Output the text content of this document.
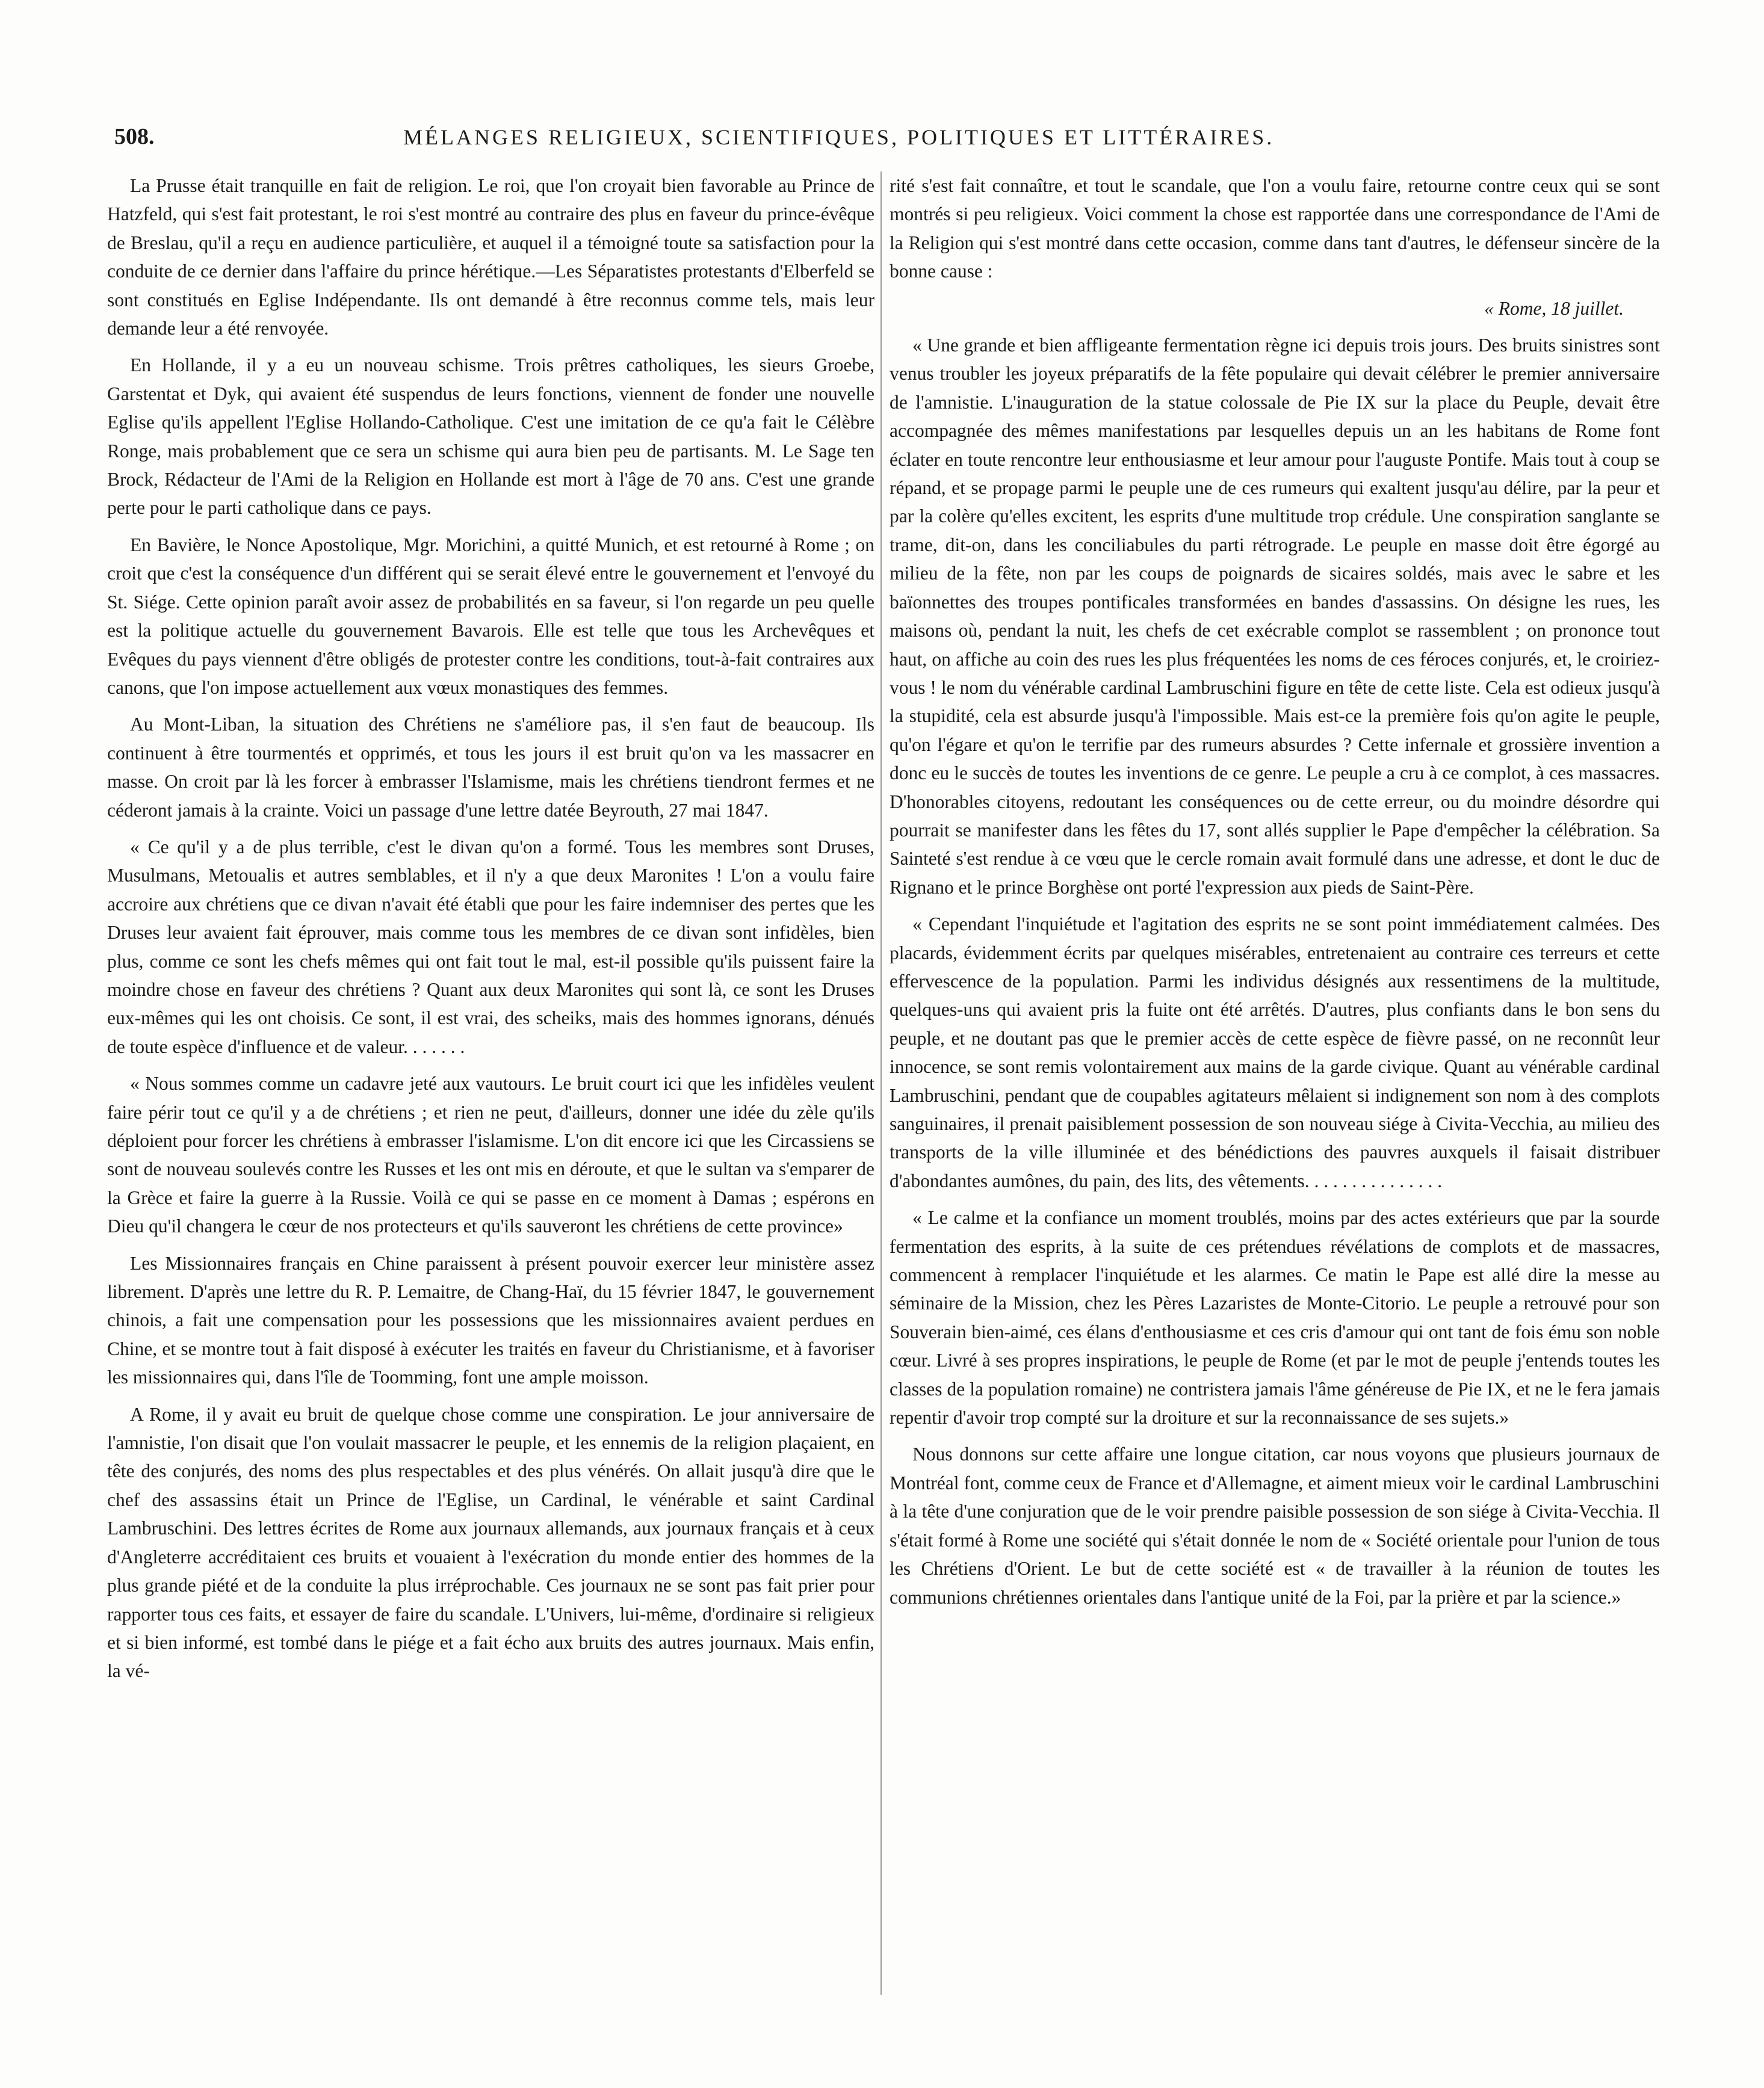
508.	MÉLANGES RELIGIEUX, SCIENTIFIQUES, POLITIQUES ET LITTÉRAIRES.

La Prusse était tranquille en fait de religion. Le roi, que l'on croyait bien favorable au Prince de Hatzfeld, qui s'est fait protestant, le roi s'est montré au contraire des plus en faveur du prince-évêque de Breslau, qu'il a reçu en audience particulière, et auquel il a témoigné toute sa satisfaction pour la conduite de ce dernier dans l'affaire du prince hérétique.—Les Séparatistes protestants d'Elberfeld se sont constitués en Eglise Indépendante. Ils ont demandé à être reconnus comme tels, mais leur demande leur a été renvoyée.

En Hollande, il y a eu un nouveau schisme. Trois prêtres catholiques, les sieurs Groebe, Garstentat et Dyk, qui avaient été suspendus de leurs fonctions, viennent de fonder une nouvelle Eglise qu'ils appellent l'Eglise Hollando-Catholique. C'est une imitation de ce qu'a fait le Célèbre Ronge, mais probablement que ce sera un schisme qui aura bien peu de partisants. M. Le Sage ten Brock, Rédacteur de l'Ami de la Religion en Hollande est mort à l'âge de 70 ans. C'est une grande perte pour le parti catholique dans ce pays.

En Bavière, le Nonce Apostolique, Mgr. Morichini, a quitté Munich, et est retourné à Rome ; on croit que c'est la conséquence d'un différent qui se serait élevé entre le gouvernement et l'envoyé du St. Siége. Cette opinion paraît avoir assez de probabilités en sa faveur, si l'on regarde un peu quelle est la politique actuelle du gouvernement Bavarois. Elle est telle que tous les Archevêques et Evêques du pays viennent d'être obligés de protester contre les conditions, tout-à-fait contraires aux canons, que l'on impose actuellement aux vœux monastiques des femmes.

Au Mont-Liban, la situation des Chrétiens ne s'améliore pas, il s'en faut de beaucoup. Ils continuent à être tourmentés et opprimés, et tous les jours il est bruit qu'on va les massacrer en masse. On croit par là les forcer à embrasser l'Islamisme, mais les chrétiens tiendront fermes et ne céderont jamais à la crainte. Voici un passage d'une lettre datée Beyrouth, 27 mai 1847.

« Ce qu'il y a de plus terrible, c'est le divan qu'on a formé. Tous les membres sont Druses, Musulmans, Metoualis et autres semblables, et il n'y a que deux Maronites ! L'on a voulu faire accroire aux chrétiens que ce divan n'avait été établi que pour les faire indemniser des pertes que les Druses leur avaient fait éprouver, mais comme tous les membres de ce divan sont infidèles, bien plus, comme ce sont les chefs mêmes qui ont fait tout le mal, est-il possible qu'ils puissent faire la moindre chose en faveur des chrétiens ? Quant aux deux Maronites qui sont là, ce sont les Druses eux-mêmes qui les ont choisis. Ce sont, il est vrai, des scheiks, mais des hommes ignorans, dénués de toute espèce d'influence et de valeur. . . . . . .

« Nous sommes comme un cadavre jeté aux vautours. Le bruit court ici que les infidèles veulent faire périr tout ce qu'il y a de chrétiens ; et rien ne peut, d'ailleurs, donner une idée du zèle qu'ils déploient pour forcer les chrétiens à embrasser l'islamisme. L'on dit encore ici que les Circassiens se sont de nouveau soulevés contre les Russes et les ont mis en déroute, et que le sultan va s'emparer de la Grèce et faire la guerre à la Russie. Voilà ce qui se passe en ce moment à Damas ; espérons en Dieu qu'il changera le cœur de nos protecteurs et qu'ils sauveront les chrétiens de cette province»

Les Missionnaires français en Chine paraissent à présent pouvoir exercer leur ministère assez librement. D'après une lettre du R. P. Lemaitre, de Chang-Haï, du 15 février 1847, le gouvernement chinois, a fait une compensation pour les possessions que les missionnaires avaient perdues en Chine, et se montre tout à fait disposé à exécuter les traités en faveur du Christianisme, et à favoriser les missionnaires qui, dans l'île de Toomming, font une ample moisson.

A Rome, il y avait eu bruit de quelque chose comme une conspiration. Le jour anniversaire de l'amnistie, l'on disait que l'on voulait massacrer le peuple, et les ennemis de la religion plaçaient, en tête des conjurés, des noms des plus respectables et des plus vénérés. On allait jusqu'à dire que le chef des assassins était un Prince de l'Eglise, un Cardinal, le vénérable et saint Cardinal Lambruschini. Des lettres écrites de Rome aux journaux allemands, aux journaux français et à ceux d'Angleterre accréditaient ces bruits et vouaient à l'exécration du monde entier des hommes de la plus grande piété et de la conduite la plus irréprochable. Ces journaux ne se sont pas fait prier pour rapporter tous ces faits, et essayer de faire du scandale. L'Univers, lui-même, d'ordinaire si religieux et si bien informé, est tombé dans le piége et a fait écho aux bruits des autres journaux. Mais enfin, la vé-

rité s'est fait connaître, et tout le scandale, que l'on a voulu faire, retourne contre ceux qui se sont montrés si peu religieux. Voici comment la chose est rapportée dans une correspondance de l'Ami de la Religion qui s'est montré dans cette occasion, comme dans tant d'autres, le défenseur sincère de la bonne cause :

« Rome, 18 juillet.

« Une grande et bien affligeante fermentation règne ici depuis trois jours. Des bruits sinistres sont venus troubler les joyeux préparatifs de la fête populaire qui devait célébrer le premier anniversaire de l'amnistie. L'inauguration de la statue colossale de Pie IX sur la place du Peuple, devait être accompagnée des mêmes manifestations par lesquelles depuis un an les habitans de Rome font éclater en toute rencontre leur enthousiasme et leur amour pour l'auguste Pontife. Mais tout à coup se répand, et se propage parmi le peuple une de ces rumeurs qui exaltent jusqu'au délire, par la peur et par la colère qu'elles excitent, les esprits d'une multitude trop crédule. Une conspiration sanglante se trame, dit-on, dans les conciliabules du parti rétrograde. Le peuple en masse doit être égorgé au milieu de la fête, non par les coups de poignards de sicaires soldés, mais avec le sabre et les baïonnettes des troupes pontificales transformées en bandes d'assassins. On désigne les rues, les maisons où, pendant la nuit, les chefs de cet exécrable complot se rassemblent ; on prononce tout haut, on affiche au coin des rues les plus fréquentées les noms de ces féroces conjurés, et, le croiriez-vous ! le nom du vénérable cardinal Lambruschini figure en tête de cette liste. Cela est odieux jusqu'à la stupidité, cela est absurde jusqu'à l'impossible. Mais est-ce la première fois qu'on agite le peuple, qu'on l'égare et qu'on le terrifie par des rumeurs absurdes ? Cette infernale et grossière invention a donc eu le succès de toutes les inventions de ce genre. Le peuple a cru à ce complot, à ces massacres. D'honorables citoyens, redoutant les conséquences ou de cette erreur, ou du moindre désordre qui pourrait se manifester dans les fêtes du 17, sont allés supplier le Pape d'empêcher la célébration. Sa Sainteté s'est rendue à ce vœu que le cercle romain avait formulé dans une adresse, et dont le duc de Rignano et le prince Borghèse ont porté l'expression aux pieds de Saint-Père.

« Cependant l'inquiétude et l'agitation des esprits ne se sont point immédiatement calmées. Des placards, évidemment écrits par quelques misérables, entretenaient au contraire ces terreurs et cette effervescence de la population. Parmi les individus désignés aux ressentimens de la multitude, quelques-uns qui avaient pris la fuite ont été arrêtés. D'autres, plus confiants dans le bon sens du peuple, et ne doutant pas que le premier accès de cette espèce de fièvre passé, on ne reconnût leur innocence, se sont remis volontairement aux mains de la garde civique. Quant au vénérable cardinal Lambruschini, pendant que de coupables agitateurs mêlaient si indignement son nom à des complots sanguinaires, il prenait paisiblement possession de son nouveau siége à Civita-Vecchia, au milieu des transports de la ville illuminée et des bénédictions des pauvres auxquels il faisait distribuer d'abondantes aumônes, du pain, des lits, des vêtements. . . . . . . . . . . . . . .

« Le calme et la confiance un moment troublés, moins par des actes extérieurs que par la sourde fermentation des esprits, à la suite de ces prétendues révélations de complots et de massacres, commencent à remplacer l'inquiétude et les alarmes. Ce matin le Pape est allé dire la messe au séminaire de la Mission, chez les Pères Lazaristes de Monte-Citorio. Le peuple a retrouvé pour son Souverain bien-aimé, ces élans d'enthousiasme et ces cris d'amour qui ont tant de fois ému son noble cœur. Livré à ses propres inspirations, le peuple de Rome (et par le mot de peuple j'entends toutes les classes de la population romaine) ne contristera jamais l'âme généreuse de Pie IX, et ne le fera jamais repentir d'avoir trop compté sur la droiture et sur la reconnaissance de ses sujets.»

Nous donnons sur cette affaire une longue citation, car nous voyons que plusieurs journaux de Montréal font, comme ceux de France et d'Allemagne, et aiment mieux voir le cardinal Lambruschini à la tête d'une conjuration que de le voir prendre paisible possession de son siége à Civita-Vecchia. Il s'était formé à Rome une société qui s'était donnée le nom de « Société orientale pour l'union de tous les Chrétiens d'Orient. Le but de cette société est « de travailler à la réunion de toutes les communions chrétiennes orientales dans l'antique unité de la Foi, par la prière et par la science.»
